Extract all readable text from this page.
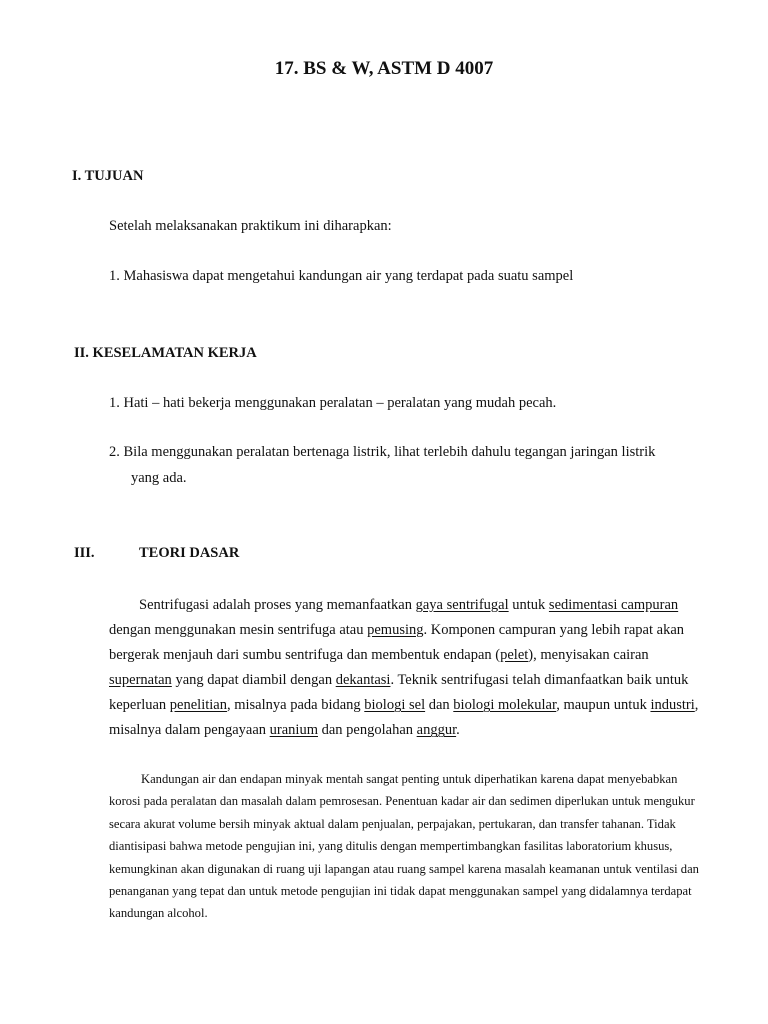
17. BS & W, ASTM D 4007
I. TUJUAN
Setelah melaksanakan praktikum ini diharapkan:
1. Mahasiswa dapat mengetahui kandungan air yang terdapat pada suatu sampel
II. KESELAMATAN KERJA
1. Hati – hati bekerja menggunakan peralatan – peralatan yang mudah pecah.
2. Bila menggunakan peralatan bertenaga listrik, lihat terlebih dahulu tegangan jaringan listrik
yang ada.
III.	TEORI DASAR
Sentrifugasi adalah proses yang memanfaatkan gaya sentrifugal untuk sedimentasi campuran dengan menggunakan mesin sentrifuga atau pemusing. Komponen campuran yang lebih rapat akan bergerak menjauh dari sumbu sentrifuga dan membentuk endapan (pelet), menyisakan cairan supernatan yang dapat diambil dengan dekantasi. Teknik sentrifugasi telah dimanfaatkan baik untuk keperluan penelitian, misalnya pada bidang biologi sel dan biologi molekular, maupun untuk industri, misalnya dalam pengayaan uranium dan pengolahan anggur.
Kandungan air dan endapan minyak mentah sangat penting untuk diperhatikan karena dapat menyebabkan korosi pada peralatan dan masalah dalam pemrosesan. Penentuan kadar air dan sedimen diperlukan untuk mengukur secara akurat volume bersih minyak aktual dalam penjualan, perpajakan, pertukaran, dan transfer tahanan. Tidak diantisipasi bahwa metode pengujian ini, yang ditulis dengan mempertimbangkan fasilitas laboratorium khusus, kemungkinan akan digunakan di ruang uji lapangan atau ruang sampel karena masalah keamanan untuk ventilasi dan penanganan yang tepat dan untuk metode pengujian ini tidak dapat menggunakan sampel yang didalamnya terdapat kandungan alcohol.
